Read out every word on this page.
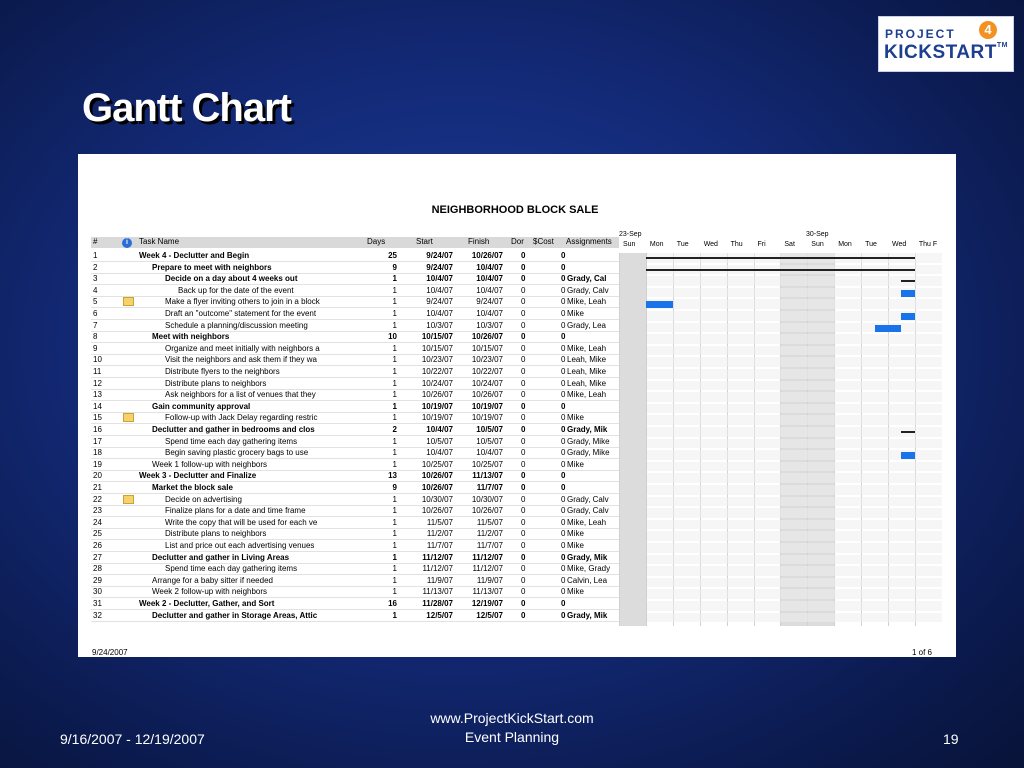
PROJECT	4
KICKSTART™
Gantt Chart
NEIGHBORHOOD BLOCK SALE
#	i	Task Name	Days	Start	Finish	Dor $Cost Assignments
1	Week 4 - Declutter and Begin	25	9/24/07	10/26/07 0	0
2	Prepare to meet with neighbors	9	9/24/07	10/4/07 0	0
3	Decide on a day about 4 weeks out	1	10/4/07	10/4/07 0	0 Grady, Cal
4	Back up for the date of the event	1	10/4/07	10/4/07 0	0 Grady, Calv
5	Make a flyer inviting others to join in a block	1	9/24/07	9/24/07 0	0 Mike, Leah
6	Draft an "outcome" statement for the event	1	10/4/07	10/4/07 0	0 Mike
7	Schedule a planning/discussion meeting	1	10/3/07	10/3/07 0	0 Grady, Lea
8	Meet with neighbors	10	10/15/07	10/26/07 0	0
9	Organize and meet initially with neighbors a	1	10/15/07	10/15/07 0	0 Mike, Leah
10	Visit the neighbors and ask them if they wa	1	10/23/07	10/23/07 0	0 Leah, Mike
11	Distribute flyers to the neighbors	1	10/22/07	10/22/07 0	0 Leah, Mike
12	Distribute plans to neighbors	1	10/24/07	10/24/07 0	0 Leah, Mike
13	Ask neighbors for a list of venues that they	1	10/26/07	10/26/07 0	0 Mike, Leah
14	Gain community approval	1	10/19/07	10/19/07 0	0
15	Follow-up with Jack Delay regarding restric	1	10/19/07	10/19/07 0	0 Mike
16	Declutter and gather in bedrooms and clos	2	10/4/07	10/5/07 0	0 Grady, Mik
17	Spend time each day gathering items	1	10/5/07	10/5/07 0	0 Grady, Mike
18	Begin saving plastic grocery bags to use	1	10/4/07	10/4/07 0	0 Grady, Mike
19	Week 1 follow-up with neighbors	1	10/25/07	10/25/07 0	0 Mike
20	Week 3 - Declutter and Finalize	13	10/26/07	11/13/07 0	0
21	Market the block sale	9	10/26/07	11/7/07 0	0
22	Decide on advertising	1	10/30/07	10/30/07 0	0 Grady, Calv
23	Finalize plans for a date and time frame	1	10/26/07	10/26/07 0	0 Grady, Calv
24	Write the copy that will be used for each ve	1	11/5/07	11/5/07 0	0 Mike, Leah
25	Distribute plans to neighbors	1	11/2/07	11/2/07 0	0 Mike
26	List and price out each advertising venues	1	11/7/07	11/7/07 0	0 Mike
27	Declutter and gather in Living Areas	1	11/12/07	11/12/07 0	0 Grady, Mik
28	Spend time each day gathering items	1	11/12/07	11/12/07 0	0 Mike, Grady
29	Arrange for a baby sitter if needed	1	11/9/07	11/9/07 0	0 Calvin, Lea
30	Week 2 follow-up with neighbors	1	11/13/07	11/13/07 0	0 Mike
31	Week 2 - Declutter, Gather, and Sort	16	11/28/07	12/19/07 0	0
32	Declutter and gather in Storage Areas, Attic	1	12/5/07	12/5/07 0	0 Grady, Mik
23-Sep	30-Sep
Sun Mon Tue Wed Thu Fri	Sat Sun Mon Tue Wed Thu F
9/24/2007	1 of 6
9/16/2007 - 12/19/2007
www.ProjectKickStart.com
Event Planning	19
